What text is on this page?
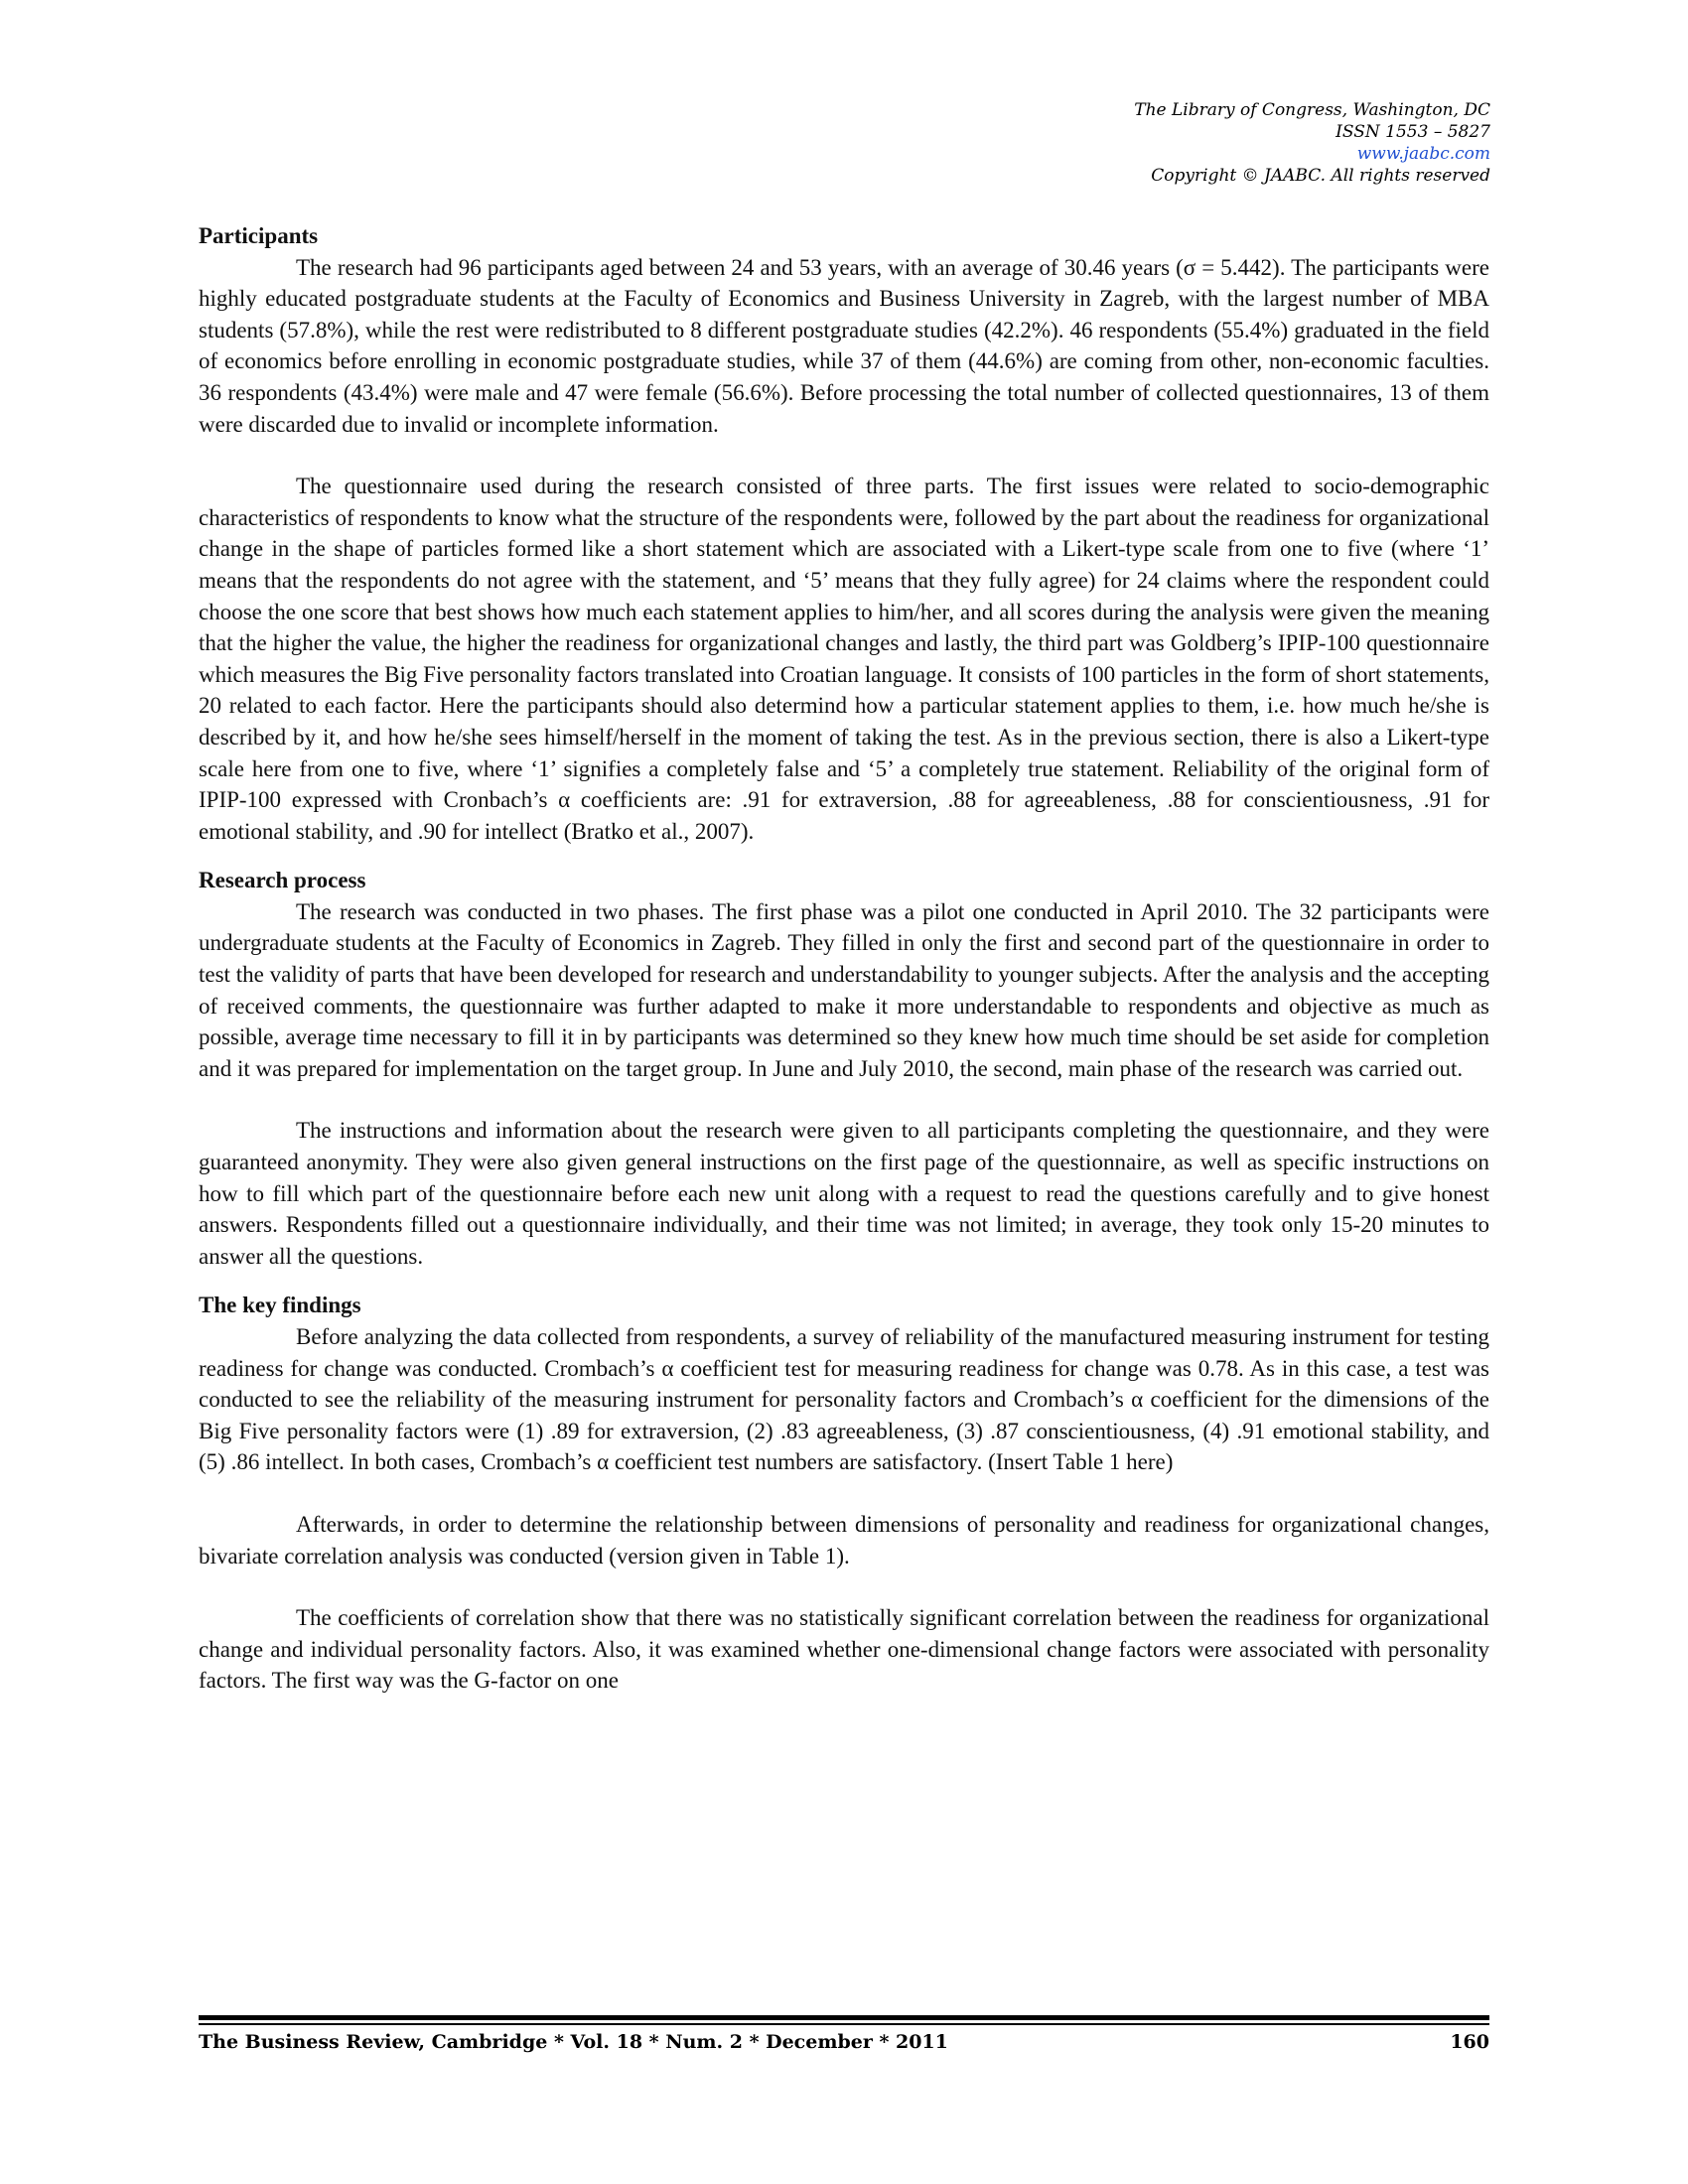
The Library of Congress, Washington, DC
ISSN 1553 – 5827
www.jaabc.com
Copyright © JAABC. All rights reserved
Participants

The research had 96 participants aged between 24 and 53 years, with an average of 30.46 years (σ = 5.442). The participants were highly educated postgraduate students at the Faculty of Economics and Business University in Zagreb, with the largest number of MBA students (57.8%), while the rest were redistributed to 8 different postgraduate studies (42.2%). 46 respondents (55.4%) graduated in the field of economics before enrolling in economic postgraduate studies, while 37 of them (44.6%) are coming from other, non-economic faculties. 36 respondents (43.4%) were male and 47 were female (56.6%). Before processing the total number of collected questionnaires, 13 of them were discarded due to invalid or incomplete information.

The questionnaire used during the research consisted of three parts. The first issues were related to socio-demographic characteristics of respondents to know what the structure of the respondents were, followed by the part about the readiness for organizational change in the shape of particles formed like a short statement which are associated with a Likert-type scale from one to five (where ‘1’ means that the respondents do not agree with the statement, and ‘5’ means that they fully agree) for 24 claims where the respondent could choose the one score that best shows how much each statement applies to him/her, and all scores during the analysis were given the meaning that the higher the value, the higher the readiness for organizational changes and lastly, the third part was Goldberg’s IPIP-100 questionnaire which measures the Big Five personality factors translated into Croatian language. It consists of 100 particles in the form of short statements, 20 related to each factor. Here the participants should also determind how a particular statement applies to them, i.e. how much he/she is described by it, and how he/she sees himself/herself in the moment of taking the test. As in the previous section, there is also a Likert-type scale here from one to five, where ‘1’ signifies a completely false and ‘5’ a completely true statement. Reliability of the original form of IPIP-100 expressed with Cronbach’s α coefficients are: .91 for extraversion, .88 for agreeableness, .88 for conscientiousness, .91 for emotional stability, and .90 for intellect (Bratko et al., 2007).

Research process

The research was conducted in two phases. The first phase was a pilot one conducted in April 2010. The 32 participants were undergraduate students at the Faculty of Economics in Zagreb. They filled in only the first and second part of the questionnaire in order to test the validity of parts that have been developed for research and understandability to younger subjects. After the analysis and the accepting of received comments, the questionnaire was further adapted to make it more understandable to respondents and objective as much as possible, average time necessary to fill it in by participants was determined so they knew how much time should be set aside for completion and it was prepared for implementation on the target group. In June and July 2010, the second, main phase of the research was carried out.

The instructions and information about the research were given to all participants completing the questionnaire, and they were guaranteed anonymity. They were also given general instructions on the first page of the questionnaire, as well as specific instructions on how to fill which part of the questionnaire before each new unit along with a request to read the questions carefully and to give honest answers. Respondents filled out a questionnaire individually, and their time was not limited; in average, they took only 15-20 minutes to answer all the questions.

The key findings

Before analyzing the data collected from respondents, a survey of reliability of the manufactured measuring instrument for testing readiness for change was conducted. Crombach’s α coefficient test for measuring readiness for change was 0.78. As in this case, a test was conducted to see the reliability of the measuring instrument for personality factors and Crombach’s α coefficient for the dimensions of the Big Five personality factors were (1) .89 for extraversion, (2) .83 agreeableness, (3) .87 conscientiousness, (4) .91 emotional stability, and (5) .86 intellect. In both cases, Crombach’s α coefficient test numbers are satisfactory. (Insert Table 1 here)

Afterwards, in order to determine the relationship between dimensions of personality and readiness for organizational changes, bivariate correlation analysis was conducted (version given in Table 1).

The coefficients of correlation show that there was no statistically significant correlation between the readiness for organizational change and individual personality factors. Also, it was examined whether one-dimensional change factors were associated with personality factors. The first way was the G-factor on one

The Business Review, Cambridge * Vol. 18 * Num. 2 * December * 2011	160
